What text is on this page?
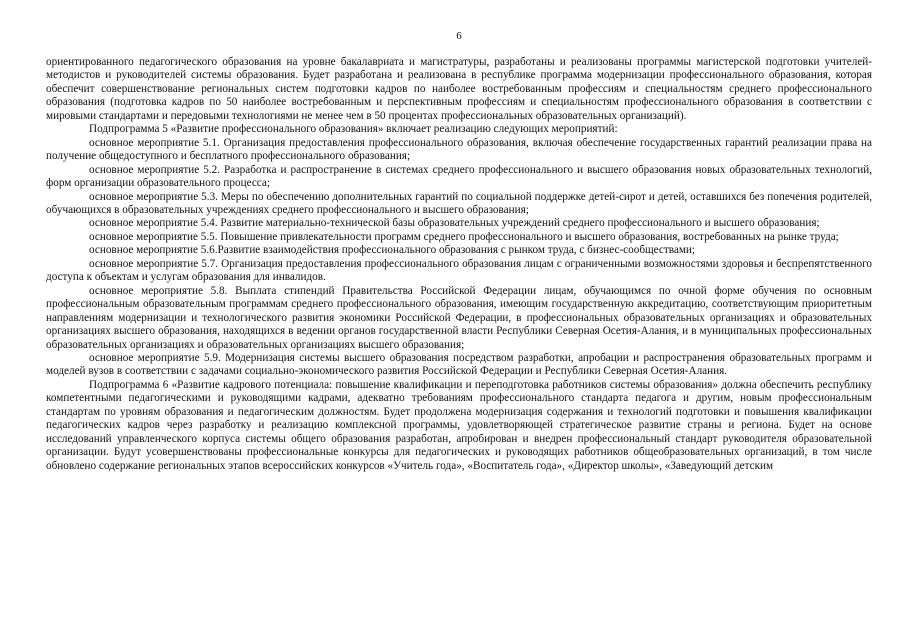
6

ориентированного педагогического образования на уровне бакалавриата и магистратуры, разработаны и реализованы программы магистерской подготовки учителей-методистов и руководителей системы образования. Будет разработана и реализована в республике программа модернизации профессионального образования, которая обеспечит совершенствование региональных систем подготовки кадров по наиболее востребованным профессиям и специальностям среднего профессионального образования (подготовка кадров по 50 наиболее востребованным и перспективным профессиям и специальностям профессионального образования в соответствии с мировыми стандартами и передовыми технологиями не менее чем в 50 процентах профессиональных образовательных организаций).

Подпрограмма 5 «Развитие профессионального образования» включает реализацию следующих мероприятий:

основное мероприятие 5.1. Организация предоставления профессионального образования, включая обеспечение государственных гарантий реализации права на получение общедоступного и бесплатного профессионального образования;

основное мероприятие 5.2. Разработка и распространение в системах среднего профессионального и высшего образования новых образовательных технологий, форм организации образовательного процесса;

основное мероприятие 5.3. Меры по обеспечению дополнительных гарантий по социальной поддержке детей-сирот и детей, оставшихся без попечения родителей, обучающихся в образовательных учреждениях среднего профессионального и высшего образования;

основное мероприятие 5.4. Развитие материально-технической базы образовательных учреждений среднего профессионального и высшего образования;

основное мероприятие 5.5. Повышение привлекательности программ среднего профессионального и высшего образования, востребованных на рынке труда;

основное мероприятие 5.6.Развитие взаимодействия профессионального образования с рынком труда, с бизнес-сообществами;

основное мероприятие 5.7. Организация предоставления профессионального образования лицам с ограниченными возможностями здоровья и беспрепятственного доступа к объектам и услугам образования для инвалидов.

основное мероприятие 5.8. Выплата стипендий Правительства Российской Федерации лицам, обучающимся по очной форме обучения по основным профессиональным образовательным программам среднего профессионального образования, имеющим государственную аккредитацию, соответствующим приоритетным направлениям модернизации и технологического развития экономики Российской Федерации, в профессиональных образовательных организациях и образовательных организациях высшего образования, находящихся в ведении органов государственной власти Республики Северная Осетия-Алания, и в муниципальных профессиональных образовательных организациях и образовательных организациях высшего образования;

основное мероприятие 5.9. Модернизация системы высшего образования посредством разработки, апробации и распространения образовательных программ и моделей вузов в соответствии с задачами социально-экономического развития Российской Федерации и Республики Северная Осетия-Алания.

Подпрограмма 6 «Развитие кадрового потенциала: повышение квалификации и переподготовка работников системы образования» должна обеспечить республику компетентными педагогическими и руководящими кадрами, адекватно требованиям профессионального стандарта педагога и другим, новым профессиональным стандартам по уровням образования и педагогическим должностям. Будет продолжена модернизация содержания и технологий подготовки и повышения квалификации педагогических кадров через разработку и реализацию комплексной программы, удовлетворяющей стратегическое развитие страны и региона. Будет на основе исследований управленческого корпуса системы общего образования разработан, апробирован и внедрен профессиональный стандарт руководителя образовательной организации. Будут усовершенствованы профессиональные конкурсы для педагогических и руководящих работников общеобразовательных организаций, в том числе обновлено содержание региональных этапов всероссийских конкурсов «Учитель года», «Воспитатель года», «Директор школы», «Заведующий детским
